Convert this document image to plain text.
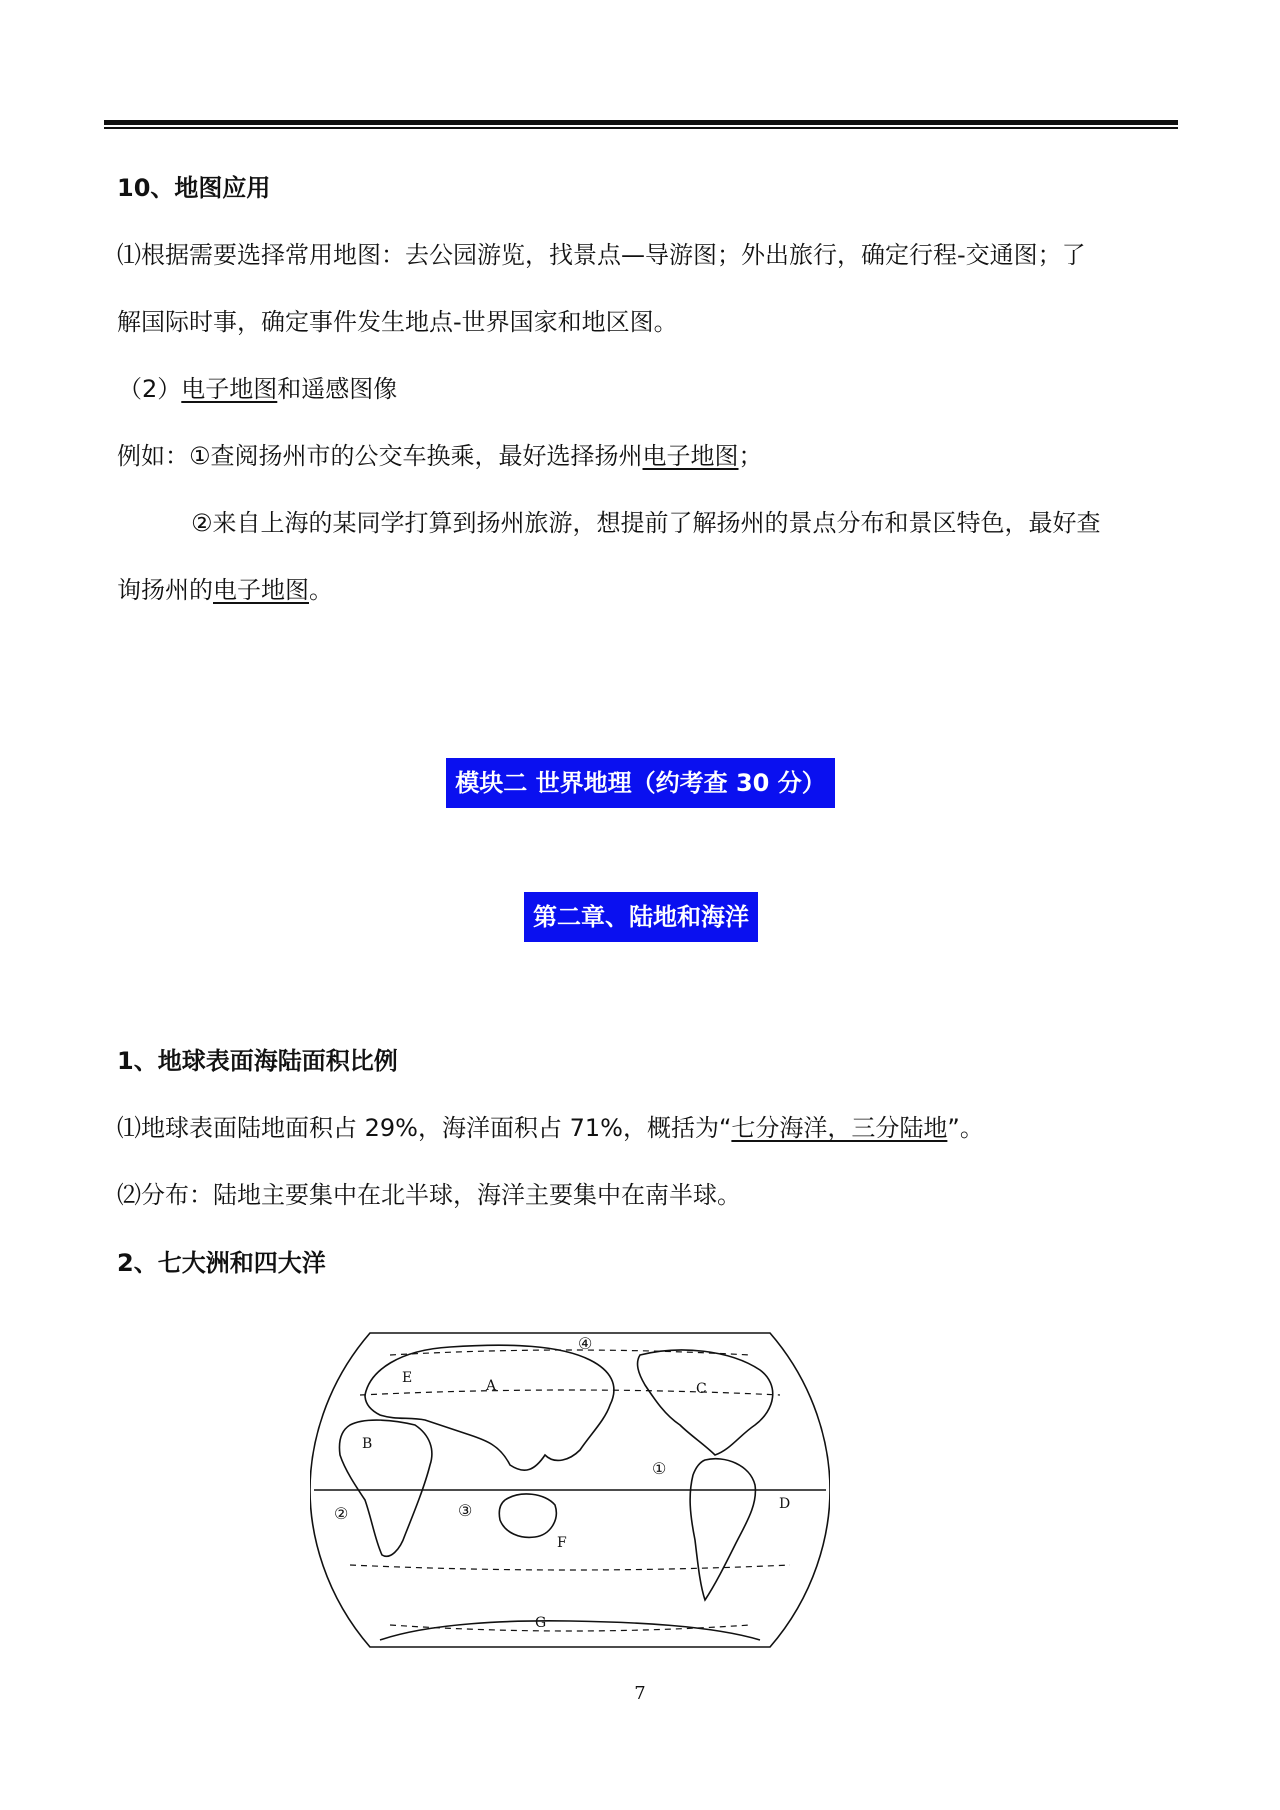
10、地图应用
⑴根据需要选择常用地图：去公园游览，找景点—导游图；外出旅行，确定行程-交通图；了
解国际时事，确定事件发生地点-世界国家和地区图。
（2）电子地图和遥感图像
例如：①查阅扬州市的公交车换乘，最好选择扬州电子地图；
②来自上海的某同学打算到扬州旅游，想提前了解扬州的景点分布和景区特色，最好查
询扬州的电子地图。
模块二 世界地理（约考查 30 分）
第二章、陆地和海洋
1、地球表面海陆面积比例
⑴地球表面陆地面积占 29%，海洋面积占 71%，概括为“七分海洋，三分陆地”。
⑵分布：陆地主要集中在北半球，海洋主要集中在南半球。
2、七大洲和四大洋
A
B
C
D
E
F
G
①
②	③
④
7
